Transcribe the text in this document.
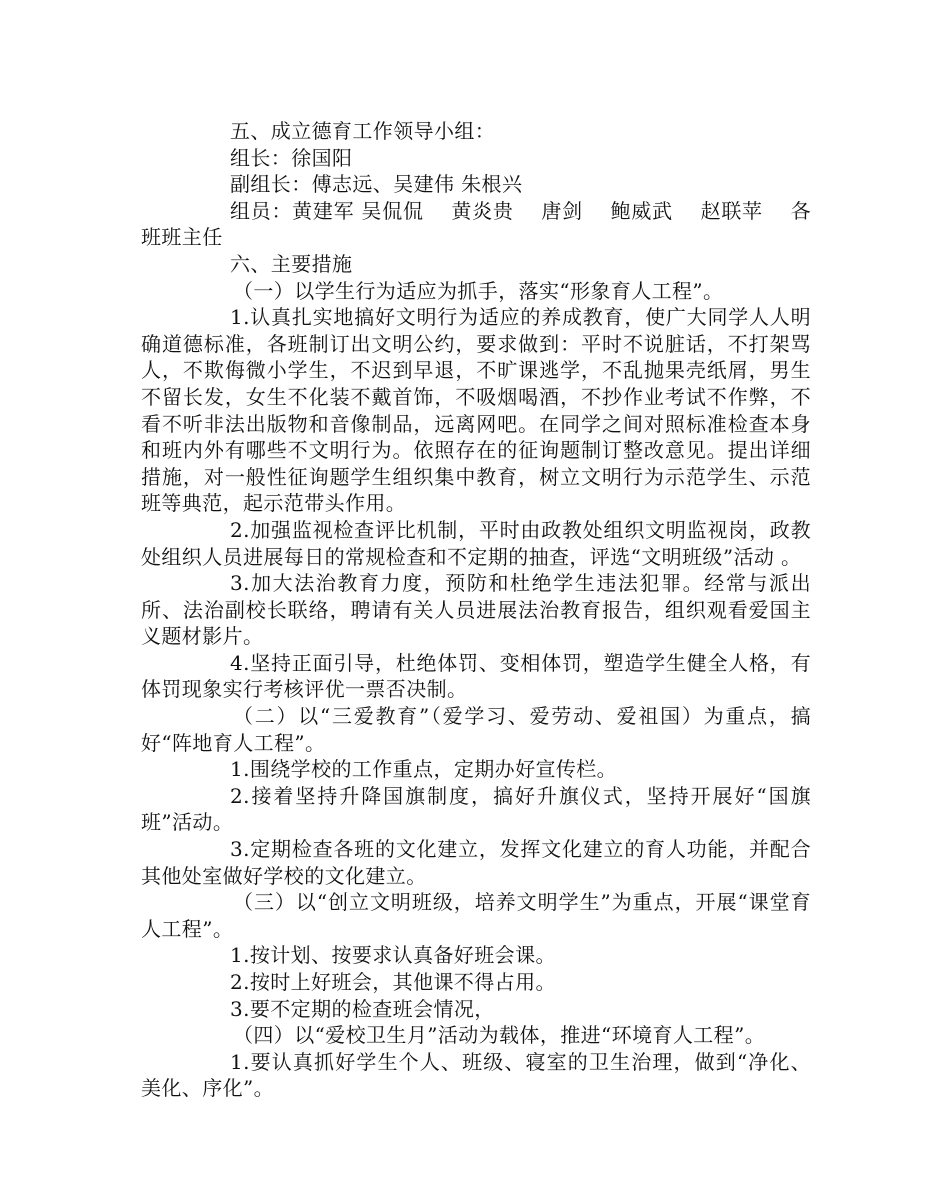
五、成立德育工作领导小组：

组长：徐国阳

副组长：傅志远、吴建伟 朱根兴

组员：黄建军 吴侃侃　 黄炎贵　 唐剑　 鲍威武　 赵联苹　 各班班主任

六、主要措施

（一）以学生行为适应为抓手，落实“形象育人工程”。

1.认真扎实地搞好文明行为适应的养成教育，使广大同学人人明确道德标准，各班制订出文明公约，要求做到：平时不说脏话，不打架骂人，不欺侮微小学生，不迟到早退，不旷课逃学，不乱抛果壳纸屑，男生不留长发，女生不化装不戴首饰，不吸烟喝酒，不抄作业考试不作弊，不看不听非法出版物和音像制品，远离网吧。在同学之间对照标准检查本身和班内外有哪些不文明行为。依照存在的征询题制订整改意见。提出详细措施，对一般性征询题学生组织集中教育，树立文明行为示范学生、示范班等典范，起示范带头作用。

2.加强监视检查评比机制，平时由政教处组织文明监视岗，政教处组织人员进展每日的常规检查和不定期的抽查，评选“文明班级”活动 。

3.加大法治教育力度，预防和杜绝学生违法犯罪。经常与派出所、法治副校长联络，聘请有关人员进展法治教育报告，组织观看爱国主义题材影片。

4.坚持正面引导，杜绝体罚、变相体罚，塑造学生健全人格，有体罚现象实行考核评优一票否决制。

（二）以“三爱教育”（爱学习、爱劳动、爱祖国）为重点，搞好“阵地育人工程”。

1.围绕学校的工作重点，定期办好宣传栏。

2.接着坚持升降国旗制度，搞好升旗仪式，坚持开展好“国旗班”活动。

3.定期检查各班的文化建立，发挥文化建立的育人功能，并配合其他处室做好学校的文化建立。

（三）以“创立文明班级，培养文明学生”为重点，开展“课堂育人工程”。

1.按计划、按要求认真备好班会课。

2.按时上好班会，其他课不得占用。

3.要不定期的检查班会情况，

（四）以“爱校卫生月”活动为载体，推进“环境育人工程”。

1.要认真抓好学生个人、班级、寝室的卫生治理，做到“净化、美化、序化”。
